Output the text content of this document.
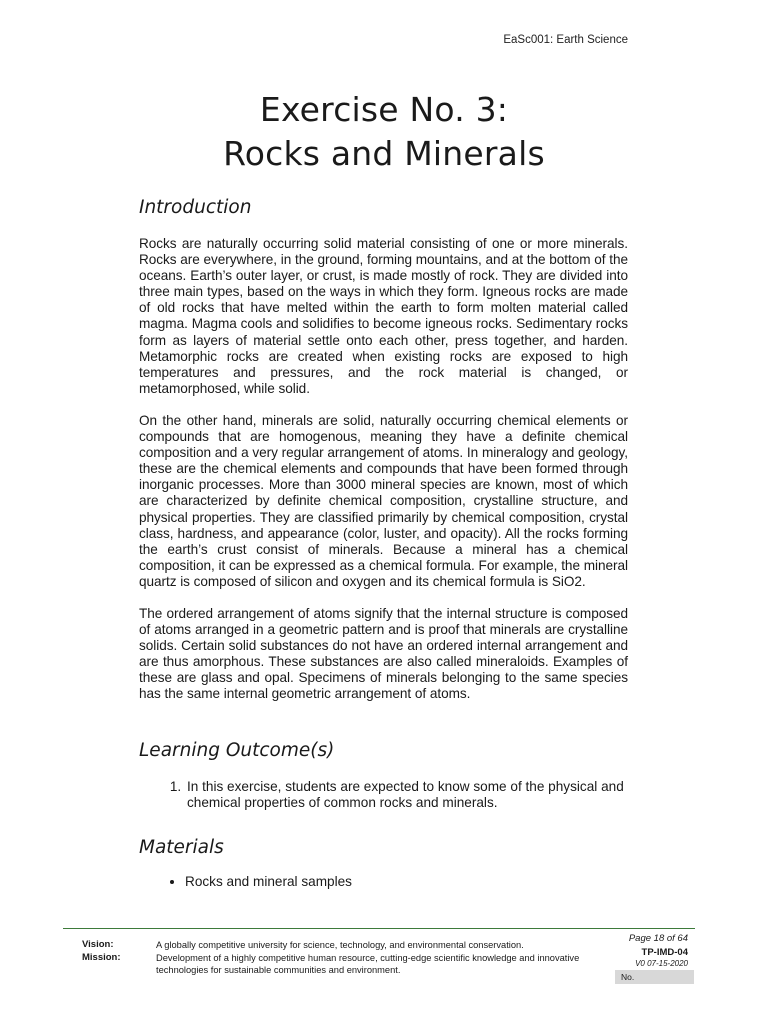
EaSc001: Earth Science
Exercise No. 3:
Rocks and Minerals
Introduction

Rocks are naturally occurring solid material consisting of one or more minerals. Rocks are everywhere, in the ground, forming mountains, and at the bottom of the oceans. Earth’s outer layer, or crust, is made mostly of rock. They are divided into three main types, based on the ways in which they form. Igneous rocks are made of old rocks that have melted within the earth to form molten material called magma. Magma cools and solidifies to become igneous rocks. Sedimentary rocks form as layers of material settle onto each other, press together, and harden. Metamorphic rocks are created when existing rocks are exposed to high temperatures and pressures, and the rock material is changed, or metamorphosed, while solid.

On the other hand, minerals are solid, naturally occurring chemical elements or compounds that are homogenous, meaning they have a definite chemical composition and a very regular arrangement of atoms. In mineralogy and geology, these are the chemical elements and compounds that have been formed through inorganic processes. More than 3000 mineral species are known, most of which are characterized by definite chemical composition, crystalline structure, and physical properties. They are classified primarily by chemical composition, crystal class, hardness, and appearance (color, luster, and opacity). All the rocks forming the earth’s crust consist of minerals. Because a mineral has a chemical composition, it can be expressed as a chemical formula. For example, the mineral quartz is composed of silicon and oxygen and its chemical formula is SiO2.

The ordered arrangement of atoms signify that the internal structure is composed of atoms arranged in a geometric pattern and is proof that minerals are crystalline solids. Certain solid substances do not have an ordered internal arrangement and are thus amorphous. These substances are also called mineraloids. Examples of these are glass and opal. Specimens of minerals belonging to the same species has the same internal geometric arrangement of atoms.

Learning Outcome(s)
1. In this exercise, students are expected to know some of the physical and chemical properties of common rocks and minerals.
Materials
• Rocks and mineral samples
Vision:
Mission:
A globally competitive university for science, technology, and environmental conservation.
Development of a highly competitive human resource, cutting-edge scientific knowledge and innovative technologies for sustainable communities and environment.
Page 18 of 64
TP-IMD-04
V0 07-15-2020
No.
